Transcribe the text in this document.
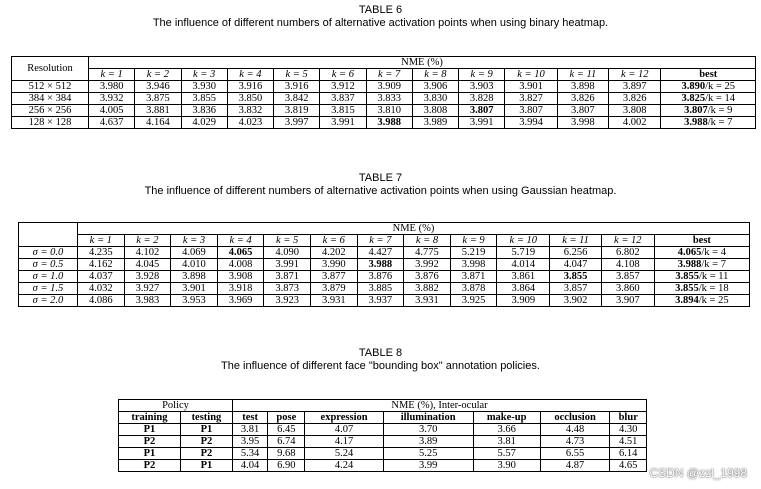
TABLE 6
The influence of different numbers of alternative activation points when using binary heatmap.
Resolution	NME (%)												
	k = 1	k = 2	k = 3	k = 4	k = 5	k = 6	k = 7	k = 8	k = 9	k = 10	k = 11	k = 12	best
512 × 512	3.980	3.946	3.930	3.916	3.916	3.912	3.909	3.906	3.903	3.901	3.898	3.897	3.890/k = 25
384 × 384	3.932	3.875	3.855	3.850	3.842	3.837	3.833	3.830	3.828	3.827	3.826	3.826	3.825/k = 14
256 × 256	4.005	3.881	3.836	3.832	3.819	3.815	3.810	3.808	3.807	3.807	3.807	3.808	3.807/k = 9
128 × 128	4.637	4.164	4.029	4.023	3.997	3.991	3.988	3.989	3.991	3.994	3.998	4.002	3.988/k = 7
TABLE 7
The influence of different numbers of alternative activation points when using Gaussian heatmap.
	NME (%)												
	k = 1	k = 2	k = 3	k = 4	k = 5	k = 6	k = 7	k = 8	k = 9	k = 10	k = 11	k = 12	best
σ = 0.0	4.235	4.102	4.069	4.065	4.090	4.202	4.427	4.775	5.219	5.719	6.256	6.802	4.065/k = 4
σ = 0.5	4.162	4.045	4.010	4.008	3.991	3.990	3.988	3.992	3.998	4.014	4.047	4.108	3.988/k = 7
σ = 1.0	4.037	3.928	3.898	3.908	3.871	3.877	3.876	3.876	3.871	3.861	3.855	3.857	3.855/k = 11
σ = 1.5	4.032	3.927	3.901	3.918	3.873	3.879	3.885	3.882	3.878	3.864	3.857	3.860	3.855/k = 18
σ = 2.0	4.086	3.983	3.953	3.969	3.923	3.931	3.937	3.931	3.925	3.909	3.902	3.907	3.894/k = 25
TABLE 8
The influence of different face "bounding box" annotation policies.
Policy		NME (%), Inter-ocular						
training	testing	test	pose	expression	illumination	make-up	occlusion	blur
P1	P1	3.81	6.45	4.07	3.70	3.66	4.48	4.30
P2	P2	3.95	6.74	4.17	3.89	3.81	4.73	4.51
P1	P2	5.34	9.68	5.24	5.25	5.57	6.55	6.14
P2	P1	4.04	6.90	4.24	3.99	3.90	4.87	4.65
CSDN @zzl_1998
